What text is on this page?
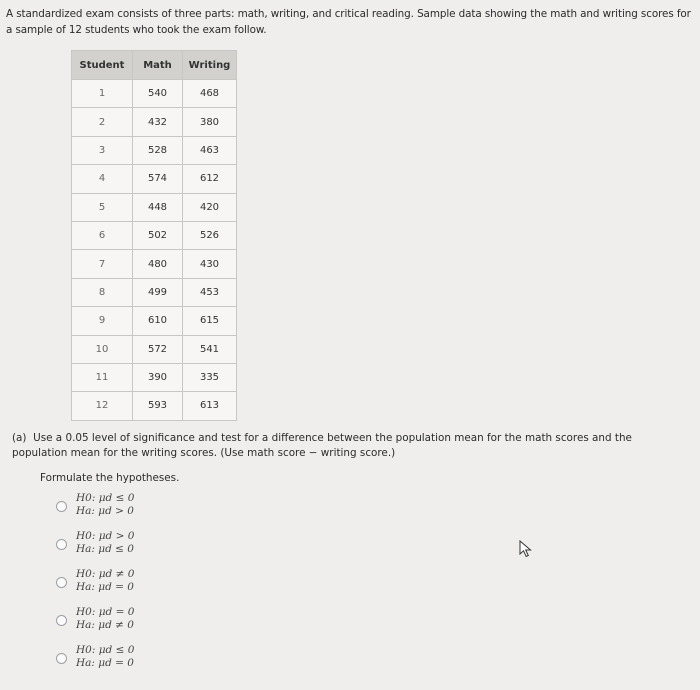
A standardized exam consists of three parts: math, writing, and critical reading. Sample data showing the math and writing scores for a sample of 12 students who took the exam follow.
Student	Math	Writing
1	540	468
2	432	380
3	528	463
4	574	612
5	448	420
6	502	526
7	480	430
8	499	453
9	610	615
10	572	541
11	390	335
12	593	613
(a) Use a 0.05 level of significance and test for a difference between the population mean for the math scores and the population mean for the writing scores. (Use math score − writing score.)
Formulate the hypotheses.
H0: μd ≤ 0
Ha: μd > 0
H0: μd > 0
Ha: μd ≤ 0
H0: μd ≠ 0
Ha: μd = 0
H0: μd = 0
Ha: μd ≠ 0
H0: μd ≤ 0
Ha: μd = 0
